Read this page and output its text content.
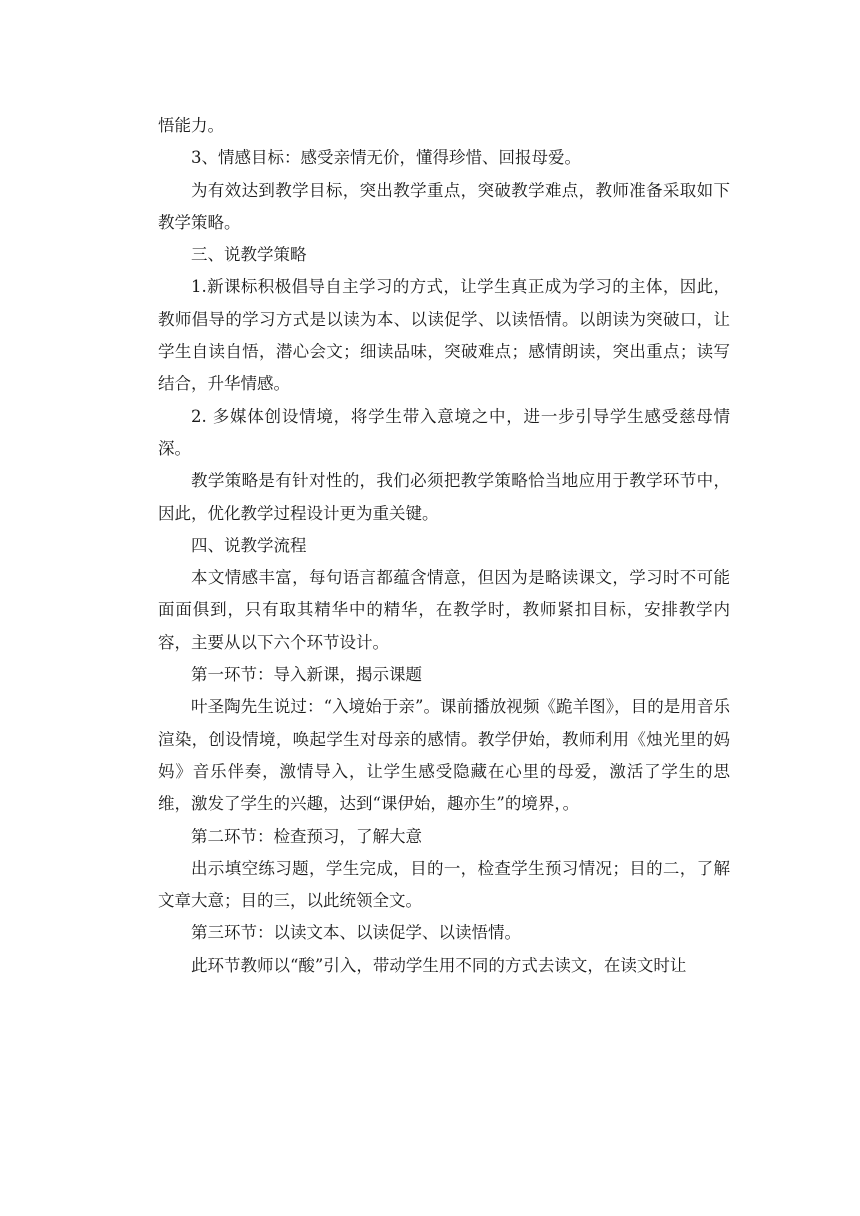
悟能力。

3、情感目标：感受亲情无价，懂得珍惜、回报母爱。

为有效达到教学目标，突出教学重点，突破教学难点，教师准备采取如下教学策略。

三、说教学策略

1.新课标积极倡导自主学习的方式，让学生真正成为学习的主体，因此，教师倡导的学习方式是以读为本、以读促学、以读悟情。以朗读为突破口，让学生自读自悟，潜心会文；细读品味，突破难点；感情朗读，突出重点；读写结合，升华情感。

2. 多媒体创设情境，将学生带入意境之中，进一步引导学生感受慈母情深。

教学策略是有针对性的，我们必须把教学策略恰当地应用于教学环节中，因此，优化教学过程设计更为重关键。

四、说教学流程

本文情感丰富，每句语言都蕴含情意，但因为是略读课文，学习时不可能面面俱到，只有取其精华中的精华，在教学时，教师紧扣目标，安排教学内容，主要从以下六个环节设计。

第一环节：导入新课，揭示课题

叶圣陶先生说过：“入境始于亲”。课前播放视频《跪羊图》，目的是用音乐渲染，创设情境，唤起学生对母亲的感情。教学伊始，教师利用《烛光里的妈妈》音乐伴奏，激情导入，让学生感受隐藏在心里的母爱，激活了学生的思维，激发了学生的兴趣，达到“课伊始，趣亦生”的境界，。

第二环节：检查预习，了解大意

出示填空练习题，学生完成，目的一，检查学生预习情况；目的二，了解文章大意；目的三，以此统领全文。

第三环节：以读文本、以读促学、以读悟情。

此环节教师以“酸”引入，带动学生用不同的方式去读文，在读文时让
